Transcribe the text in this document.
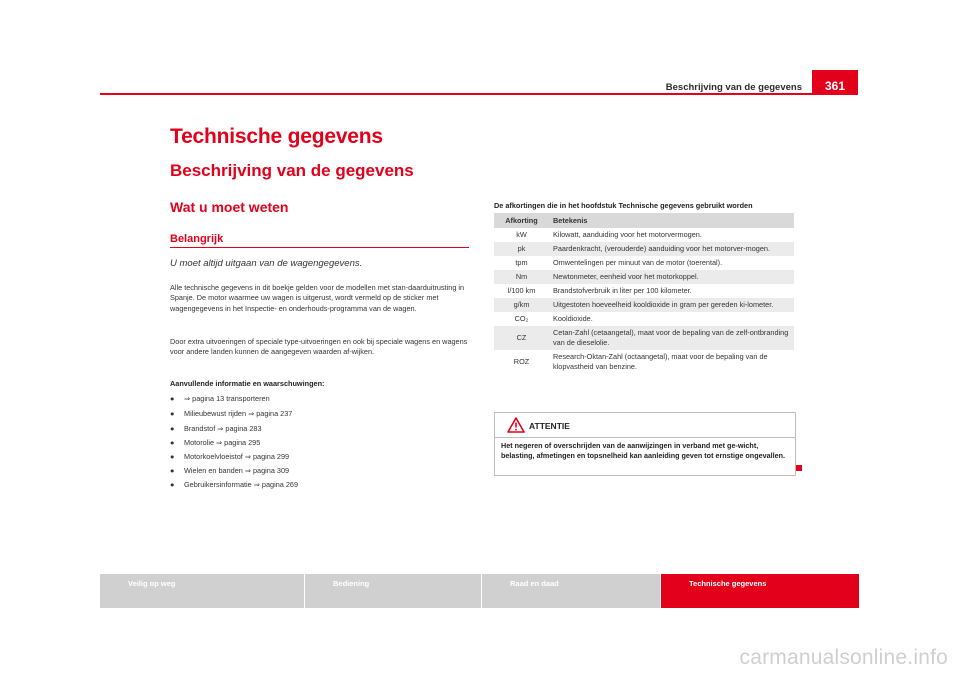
Beschrijving van de gegevens	361
Technische gegevens
Beschrijving van de gegevens
Wat u moet weten
Belangrijk
U moet altijd uitgaan van de wagengegevens.
Alle technische gegevens in dit boekje gelden voor de modellen met stan-daarduitrusting in Spanje. De motor waarmee uw wagen is uitgerust, wordt vermeld op de sticker met wagengegevens in het Inspectie- en onderhouds-programma van de wagen.
Door extra uitvoeringen of speciale type-uitvoeringen en ook bij speciale wagens en wagens voor andere landen kunnen de aangegeven waarden af-wijken.
Aanvullende informatie en waarschuwingen:
● ⇒ pagina 13 transporteren
● Milieubewust rijden ⇒ pagina 237
● Brandstof ⇒ pagina 283
● Motorolie ⇒ pagina 295
● Motorkoelvloeistof ⇒ pagina 299
● Wielen en banden ⇒ pagina 309
● Gebruikersinformatie ⇒ pagina 269
De afkortingen die in het hoofdstuk Technische gegevens gebruikt worden
Afkorting	Betekenis
kW	Kilowatt, aanduiding voor het motorvermogen.
pk	Paardenkracht, (verouderde) aanduiding voor het motorver-mogen.
tpm	Omwentelingen per minuut van de motor (toerental).
Nm	Newtonmeter, eenheid voor het motorkoppel.
l/100 km	Brandstofverbruik in liter per 100 kilometer.
g/km	Uitgestoten hoeveelheid kooldioxide in gram per gereden ki-lometer.
CO₂	Kooldioxide.
CZ	Cetan-Zahl (cetaangetal), maat voor de bepaling van de zelf-ontbranding van de dieselolie.
ROZ	Research-Oktan-Zahl (octaangetal), maat voor de bepaling van de klopvastheid van benzine.
ATTENTIE
Het negeren of overschrijden van de aanwijzingen in verband met ge-wicht, belasting, afmetingen en topsnelheid kan aanleiding geven tot ernstige ongevallen.
Veilig op weg	Bediening	Raad en daad	Technische gegevens
carmanualsonline.info
